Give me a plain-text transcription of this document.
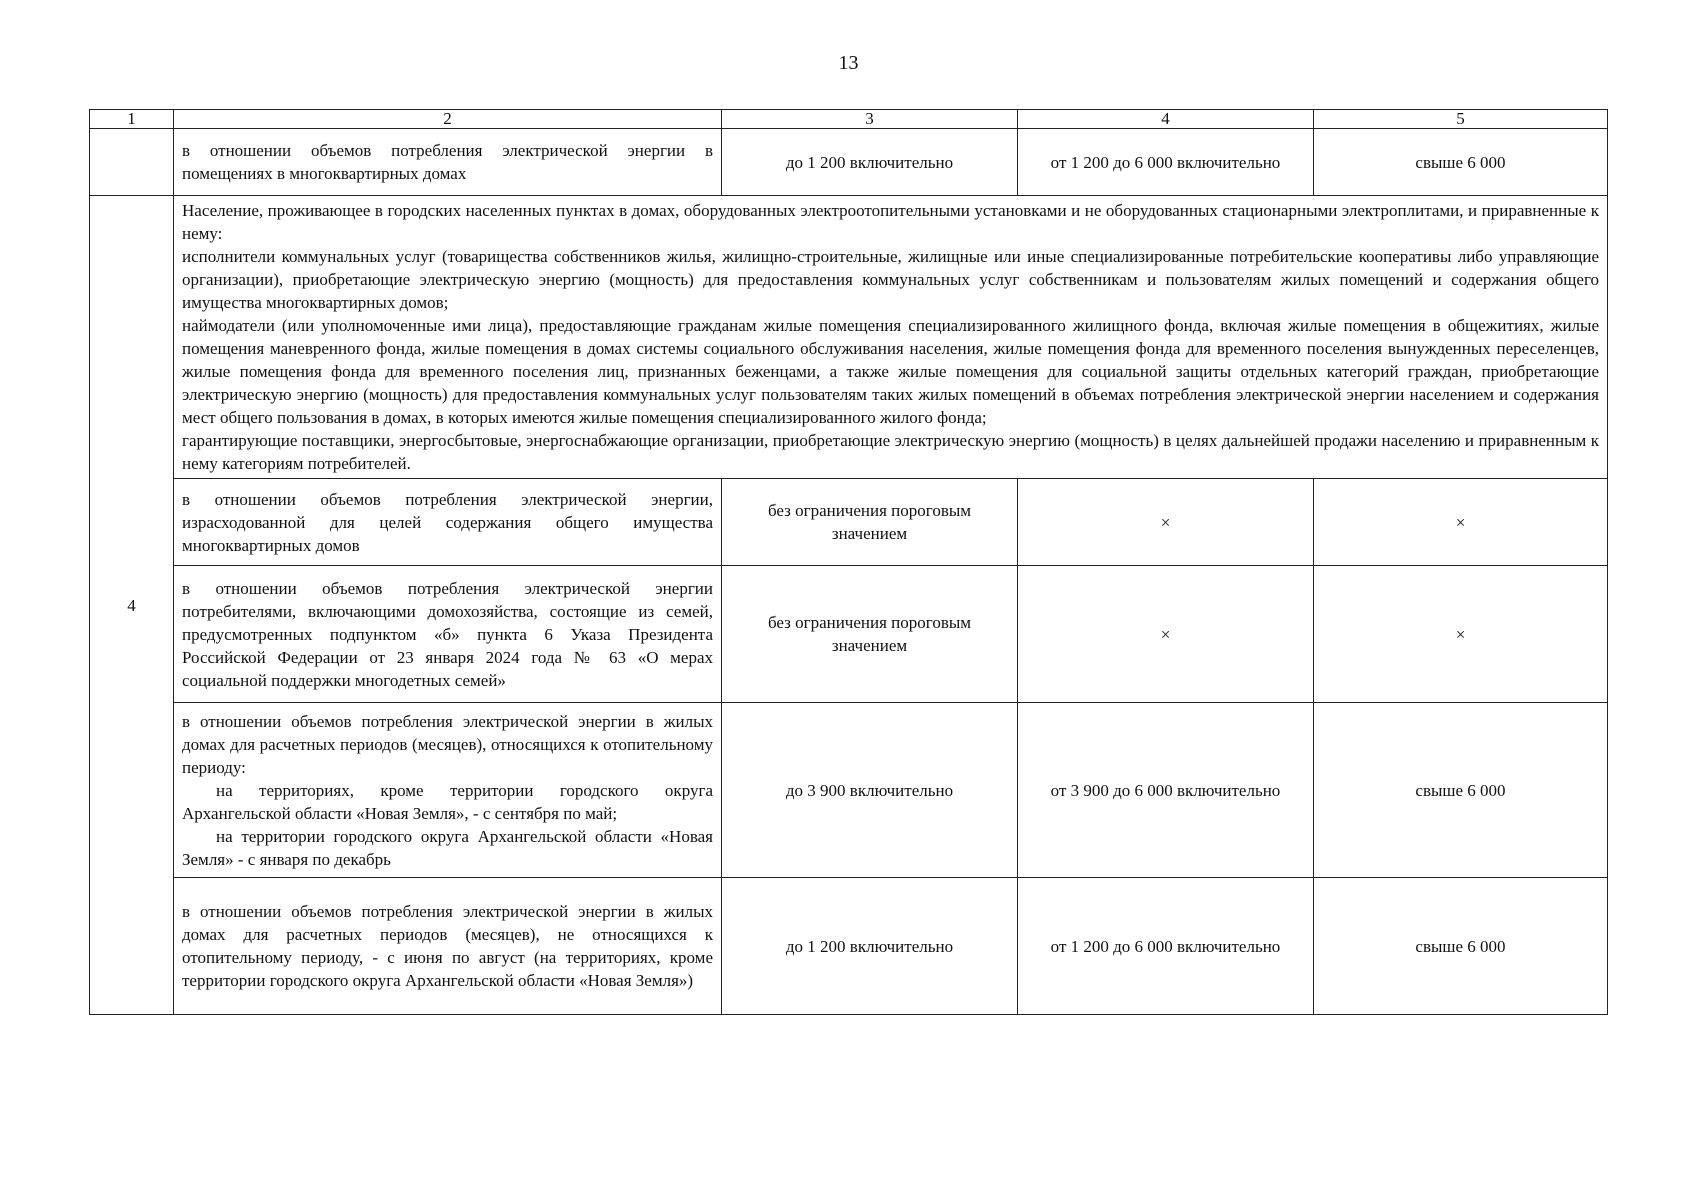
13
1	2	3	4	5
	в отношении объемов потребления электрической энергии в помещениях в многоквартирных домах	до 1 200 включительно	от 1 200 до 6 000 включительно	свыше 6 000
4	Население, проживающее в городских населенных пунктах в домах, оборудованных электроотопительными установками и не оборудованных стационарными электроплитами, и приравненные к нему:
исполнители коммунальных услуг (товарищества собственников жилья, жилищно-строительные, жилищные или иные специализированные потребительские кооперативы либо управляющие организации), приобретающие электрическую энергию (мощность) для предоставления коммунальных услуг собственникам и пользователям жилых помещений и содержания общего имущества многоквартирных домов;
наймодатели (или уполномоченные ими лица), предоставляющие гражданам жилые помещения специализированного жилищного фонда, включая жилые помещения в общежитиях, жилые помещения маневренного фонда, жилые помещения в домах системы социального обслуживания населения, жилые помещения фонда для временного поселения вынужденных переселенцев, жилые помещения фонда для временного поселения лиц, признанных беженцами, а также жилые помещения для социальной защиты отдельных категорий граждан, приобретающие электрическую энергию (мощность) для предоставления коммунальных услуг пользователям таких жилых помещений в объемах потребления электрической энергии населением и содержания мест общего пользования в домах, в которых имеются жилые помещения специализированного жилого фонда;
гарантирующие поставщики, энергосбытовые, энергоснабжающие организации, приобретающие электрическую энергию (мощность) в целях дальнейшей продажи населению и приравненным к нему категориям потребителей.			

	в отношении объемов потребления электрической энергии, израсходованной для целей содержания общего имущества многоквартирных домов	без ограничения пороговым значением	×	×
	в отношении объемов потребления электрической энергии потребителями, включающими домохозяйства, состоящие из семей, предусмотренных подпунктом «б» пункта 6 Указа Президента Российской Федерации от 23 января 2024 года № 63 «О мерах социальной поддержки многодетных семей»	без ограничения пороговым значением	×	×

	в отношении объемов потребления электрической энергии в жилых домах для расчетных периодов (месяцев), относящихся к отопительному периоду:
на территориях, кроме территории городского округа Архангельской области «Новая Земля», - с сентября по май;
на территории городского округа Архангельской области «Новая Земля» - с января по декабрь	до 3 900 включительно	от 3 900 до 6 000 включительно	свыше 6 000
	в отношении объемов потребления электрической энергии в жилых домах для расчетных периодов (месяцев), не относящихся к отопительному периоду, - с июня по август (на территориях, кроме территории городского округа Архангельской области «Новая Земля»)	до 1 200 включительно	от 1 200 до 6 000 включительно	свыше 6 000
